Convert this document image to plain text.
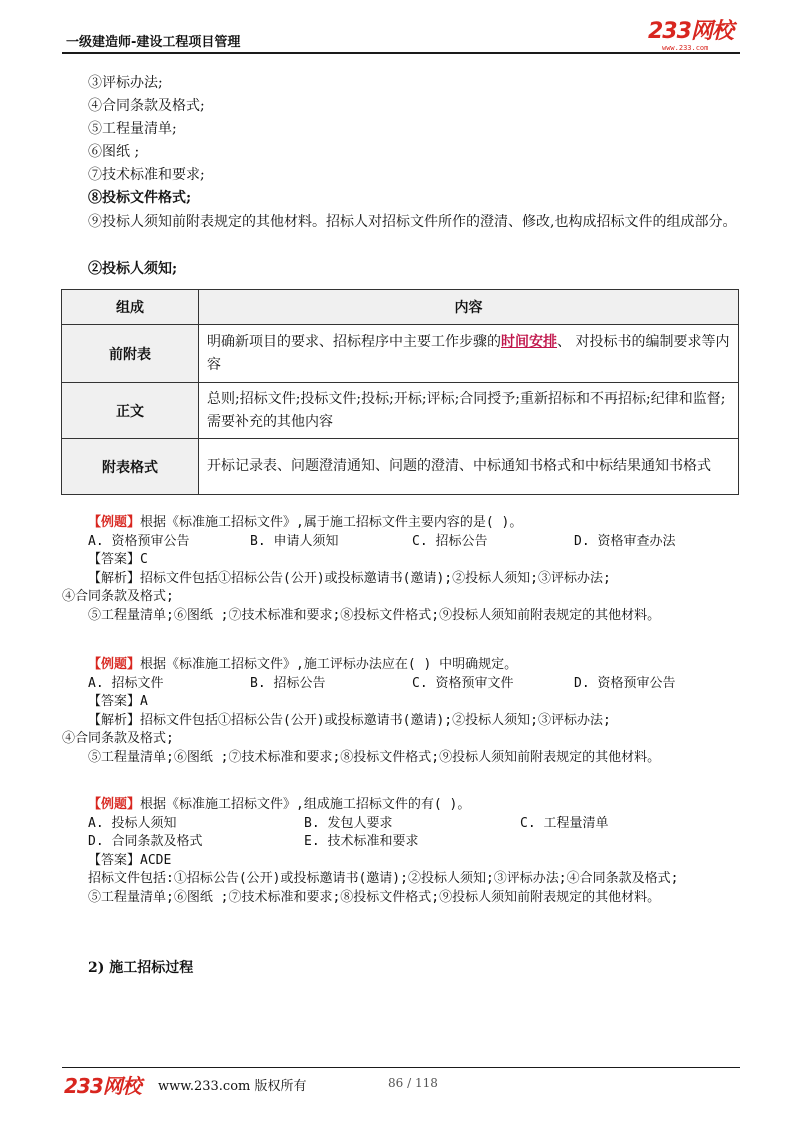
一级建造师-建设工程项目管理	233网校
www.233.com
③评标办法;
④合同条款及格式;
⑤工程量清单;
⑥图纸 ;
⑦技术标准和要求;
⑧投标文件格式;
⑨投标人须知前附表规定的其他材料。招标人对招标文件所作的澄清、修改,也构成招标文件的组成部分。
②投标人须知;
组成	内容
前附表	明确新项目的要求、招标程序中主要工作步骤的时间安排、 对投标书的编制要求等内容
正文	总则;招标文件;投标文件;投标;开标;评标;合同授予;重新招标和不再招标;纪律和监督;需要补充的其他内容
附表格式	开标记录表、问题澄清通知、问题的澄清、中标通知书格式和中标结果通知书格式
【例题】根据《标准施工招标文件》,属于施工招标文件主要内容的是( )。
A. 资格预审公告	B. 申请人须知	C. 招标公告	D. 资格审查办法
【答案】C
【解析】招标文件包括①招标公告(公开)或投标邀请书(邀请);②投标人须知;③评标办法;
④合同条款及格式;
⑤工程量清单;⑥图纸 ;⑦技术标准和要求;⑧投标文件格式;⑨投标人须知前附表规定的其他材料。
【例题】根据《标准施工招标文件》,施工评标办法应在( ) 中明确规定。
A. 招标文件	B. 招标公告	C. 资格预审文件	D. 资格预审公告
【答案】A
【解析】招标文件包括①招标公告(公开)或投标邀请书(邀请);②投标人须知;③评标办法;
④合同条款及格式;
⑤工程量清单;⑥图纸 ;⑦技术标准和要求;⑧投标文件格式;⑨投标人须知前附表规定的其他材料。
【例题】根据《标准施工招标文件》,组成施工招标文件的有( )。
A. 投标人须知	B. 发包人要求	C. 工程量清单
D. 合同条款及格式	E. 技术标准和要求
【答案】ACDE
招标文件包括:①招标公告(公开)或投标邀请书(邀请);②投标人须知;③评标办法;④合同条款及格式;
⑤工程量清单;⑥图纸 ;⑦技术标准和要求;⑧投标文件格式;⑨投标人须知前附表规定的其他材料。
2) 施工招标过程
233网校 www.233.com 版权所有	86 / 118
